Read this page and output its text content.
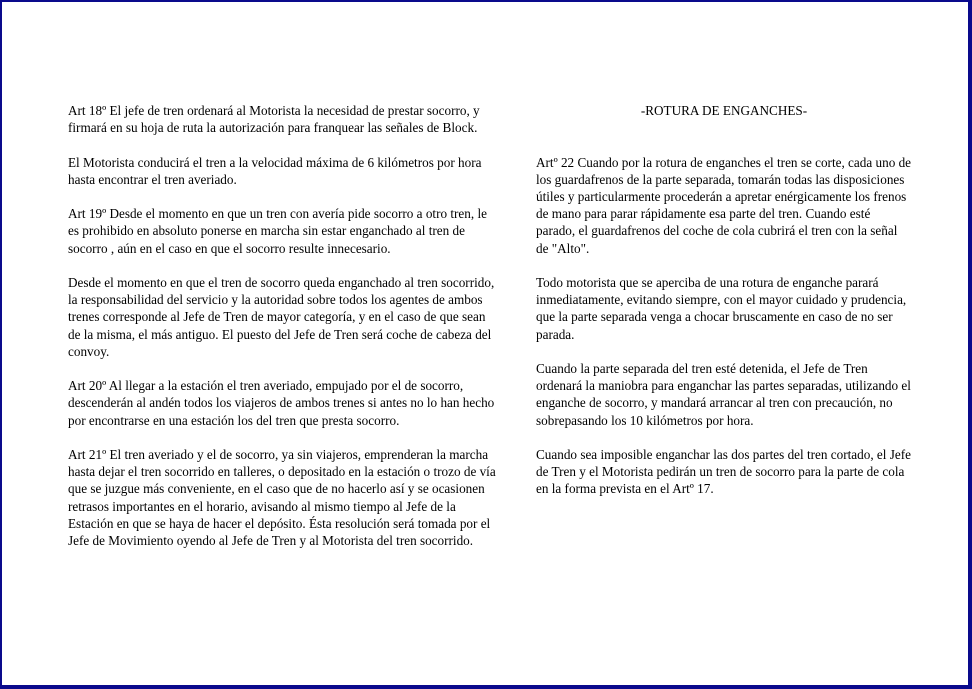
Art 18º El jefe de tren ordenará al Motorista la necesidad de prestar socorro, y firmará en su hoja de ruta la autorización para franquear las señales de Block.

El Motorista conducirá el tren a la velocidad máxima de 6 kilómetros por hora hasta encontrar el tren averiado.

Art 19º Desde el momento en que un tren con avería pide socorro a otro tren, le es prohibido en absoluto ponerse en marcha sin estar enganchado al tren de socorro , aún en el caso en que el socorro resulte innecesario.

Desde el momento en que el tren de socorro queda enganchado al tren socorrido, la responsabilidad del servicio y la autoridad sobre todos los agentes de ambos trenes corresponde al Jefe de Tren de mayor categoría, y en el caso de que sean de la misma, el más antiguo. El puesto del Jefe de Tren será coche de cabeza del convoy.

Art 20º Al llegar a la estación el tren averiado, empujado por el de socorro, descenderán al andén todos los viajeros de ambos trenes si antes no lo han hecho por encontrarse en una estación los del tren que presta socorro.

Art 21º El tren averiado y el de socorro, ya sin viajeros, emprenderan la marcha hasta dejar el tren socorrido en talleres, o depositado en la estación o trozo de vía que se juzgue más conveniente, en el caso que de no hacerlo así y se ocasionen retrasos importantes en el horario, avisando al mismo tiempo al Jefe de la Estación en que se haya de hacer el depósito. Ésta resolución será tomada por el Jefe de Movimiento oyendo al Jefe de Tren y al Motorista del tren socorrido.

-ROTURA DE ENGANCHES-

Artº 22 Cuando por la rotura de enganches el tren se corte, cada uno de los guardafrenos de la parte separada, tomarán todas las disposiciones útiles y particularmente procederán a apretar enérgicamente los frenos de mano para parar rápidamente esa parte del tren. Cuando esté parado, el guardafrenos del coche de cola cubrirá el tren con la señal de "Alto".

Todo motorista que se aperciba de una rotura de enganche parará inmediatamente, evitando siempre, con el mayor cuidado y prudencia, que la parte separada venga a chocar bruscamente en caso de no ser parada.

Cuando la parte separada del tren esté detenida, el Jefe de Tren ordenará la maniobra para enganchar las partes separadas, utilizando el enganche de socorro, y mandará arrancar al tren con precaución, no sobrepasando los 10 kilómetros por hora.

Cuando sea imposible enganchar las dos partes del tren cortado, el Jefe de Tren y el Motorista pedirán un tren de socorro para la parte de cola en la forma prevista en el Artº 17.
